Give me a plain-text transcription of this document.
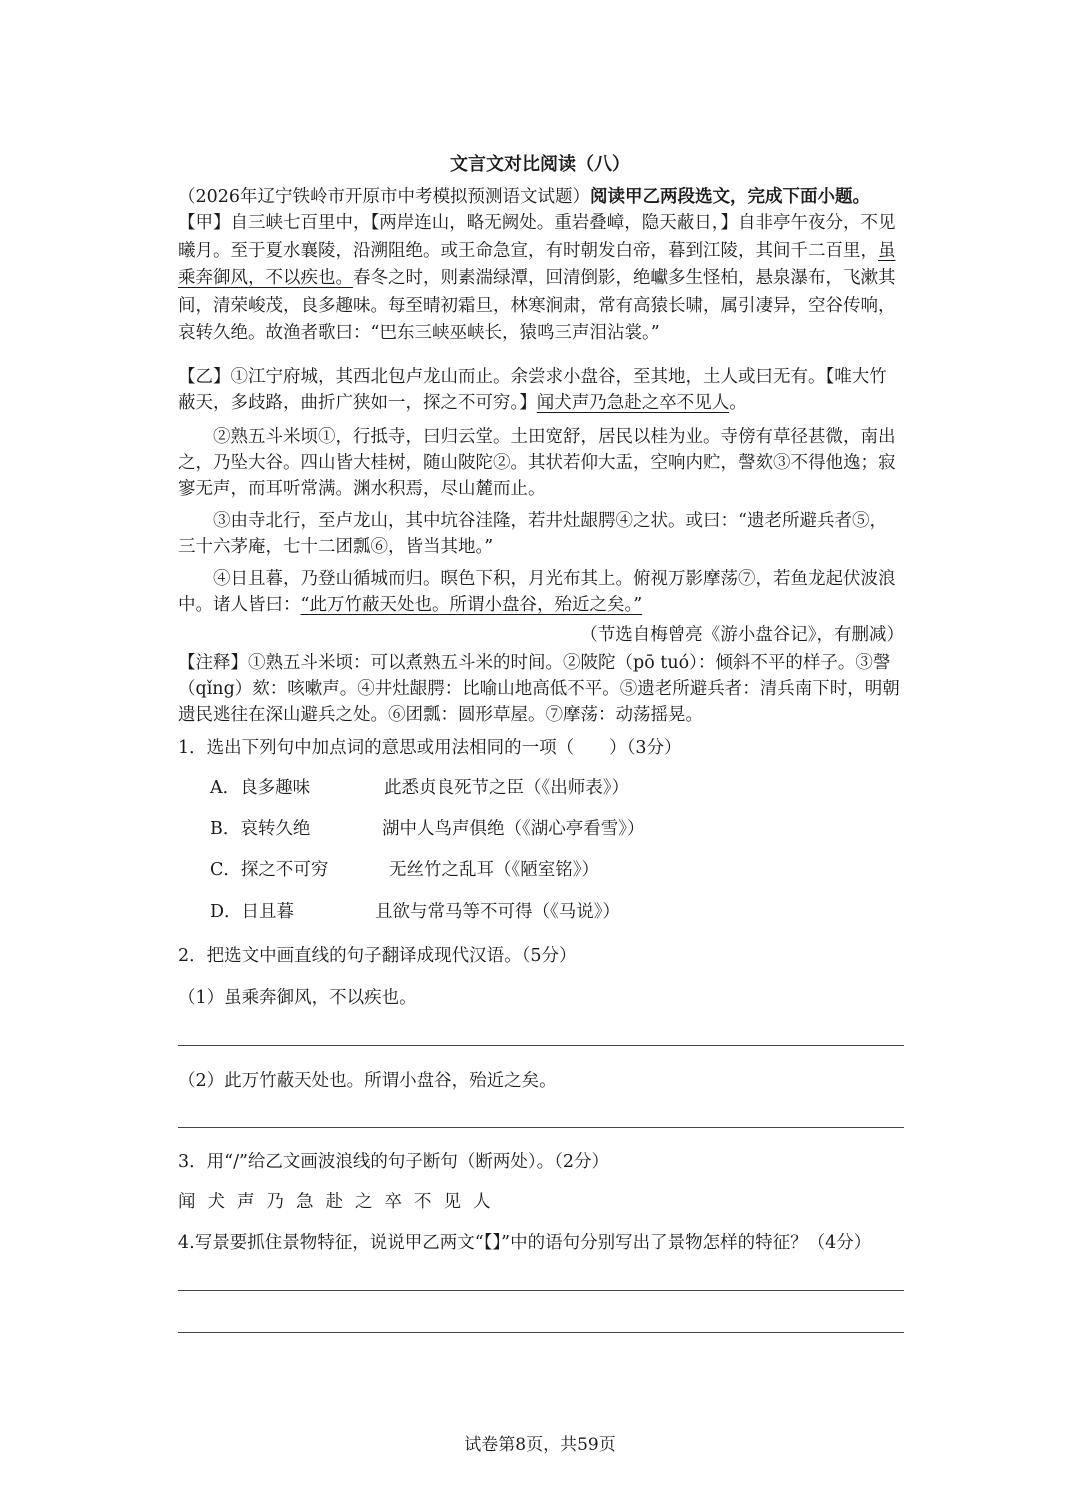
文言文对比阅读（八）

（2026年辽宁铁岭市开原市中考模拟预测语文试题）阅读甲乙两段选文，完成下面小题。

【甲】自三峡七百里中，【两岸连山，略无阙处。重岩叠嶂，隐天蔽日，】自非亭午夜分，不见曦月。至于夏水襄陵，沿溯阻绝。或王命急宣，有时朝发白帝，暮到江陵，其间千二百里，虽乘奔御风，不以疾也。春冬之时，则素湍绿潭，回清倒影，绝巘多生怪柏，悬泉瀑布，飞漱其间，清荣峻茂，良多趣味。每至晴初霜旦，林寒涧肃，常有高猿长啸，属引凄异，空谷传响，哀转久绝。故渔者歌曰：“巴东三峡巫峡长，猿鸣三声泪沾裳。”

【乙】①江宁府城，其西北包卢龙山而止。余尝求小盘谷，至其地，土人或曰无有。【唯大竹蔽天，多歧路，曲折广狭如一，探之不可穷。】闻犬声乃急赴之卒不见人。

②熟五斗米顷①，行抵寺，曰归云堂。土田宽舒，居民以桂为业。寺傍有草径甚微，南出之，乃坠大谷。四山皆大桂树，随山陂陀②。其状若仰大盂，空响内贮，謦欬③不得他逸；寂寥无声，而耳听常满。渊水积焉，尽山麓而止。

③由寺北行，至卢龙山，其中坑谷洼隆，若井灶龈腭④之状。或曰：“遗老所避兵者⑤，三十六茅庵，七十二团瓢⑥，皆当其地。”

④日且暮，乃登山循城而归。暝色下积，月光布其上。俯视万影摩荡⑦，若鱼龙起伏波浪中。诸人皆曰：“此万竹蔽天处也。所谓小盘谷，殆近之矣。”

（节选自梅曾亮《游小盘谷记》，有删减）

【注释】①熟五斗米顷：可以煮熟五斗米的时间。②陂陀（pō tuó）：倾斜不平的样子。③謦（qǐng）欬：咳嗽声。④井灶龈腭：比喻山地高低不平。⑤遗老所避兵者：清兵南下时，明朝遗民逃往在深山避兵之处。⑥团瓢：圆形草屋。⑦摩荡：动荡摇晃。

1．选出下列句中加点词的意思或用法相同的一项（　　）（3分）

A．良多趣味	此悉贞良死节之臣（《出师表》）
B．哀转久绝	湖中人鸟声俱绝（《湖心亭看雪》）
C．探之不可穷	无丝竹之乱耳（《陋室铭》）
D．日且暮	且欲与常马等不可得（《马说》）

2．把选文中画直线的句子翻译成现代汉语。（5分）

（1）虽乘奔御风，不以疾也。

（2）此万竹蔽天处也。所谓小盘谷，殆近之矣。

3．用“/”给乙文画波浪线的句子断句（断两处）。（2分）

闻犬声乃急赴之卒不见人

4.写景要抓住景物特征，说说甲乙两文“【】”中的语句分别写出了景物怎样的特征？（4分）

试卷第8页，共59页
